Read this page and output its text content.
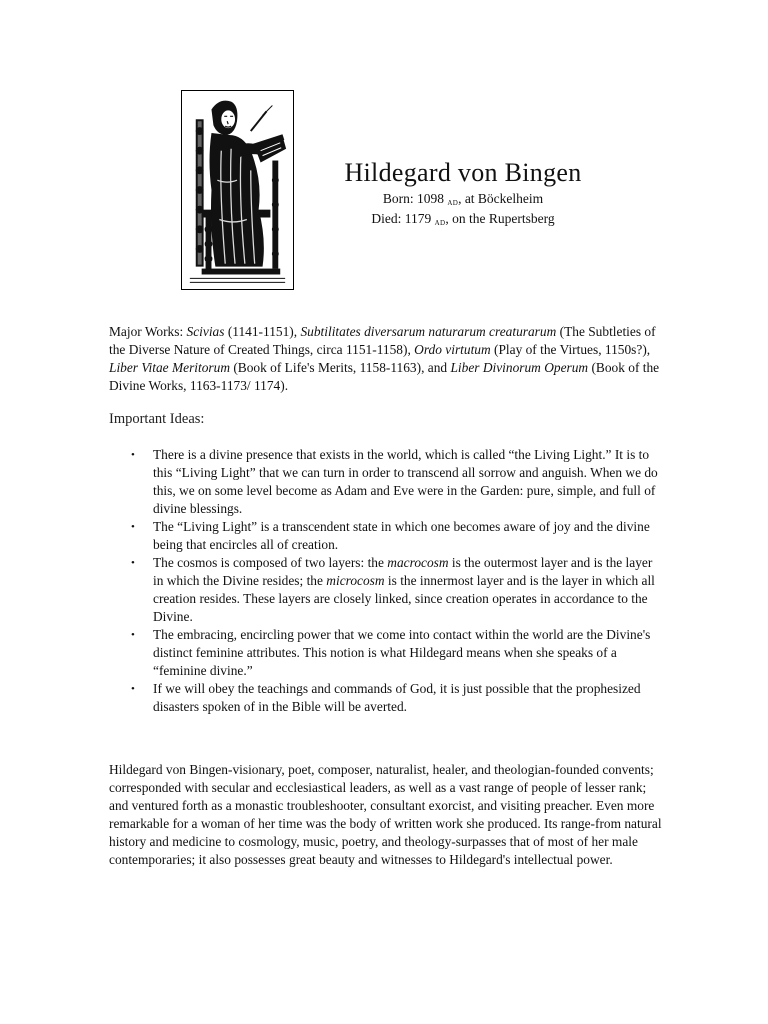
Hildegard von Bingen

Born: 1098 $_{AD}$, at Böckelheim

Died: 1179 $_{AD}$, on the Rupertsberg

Major Works: Scivias (1141-1151), Subtilitates diversarum naturarum creaturarum (The Subtleties of the Diverse Nature of Created Things, circa 1151-1158), Ordo virtutum (Play of the Virtues, 1150s?), Liber Vitae Meritorum (Book of Life's Merits, 1158-1163), and Liber Divinorum Operum (Book of the Divine Works, 1163-1173/ 1174).

Important Ideas:
• There is a divine presence that exists in the world, which is called “the Living Light.” It is to this “Living Light” that we can turn in order to transcend all sorrow and anguish. When we do this, we on some level become as Adam and Eve were in the Garden: pure, simple, and full of divine blessings.
• The “Living Light” is a transcendent state in which one becomes aware of joy and the divine being that encircles all of creation.
• The cosmos is composed of two layers: the macrocosm is the outermost layer and is the layer in which the Divine resides; the microcosm is the innermost layer and is the layer in which all creation resides. These layers are closely linked, since creation operates in accordance to the Divine.
• The embracing, encircling power that we come into contact within the world are the Divine's distinct feminine attributes. This notion is what Hildegard means when she speaks of a “feminine divine.”
• If we will obey the teachings and commands of God, it is just possible that the prophesized disasters spoken of in the Bible will be averted.

Hildegard von Bingen-visionary, poet, composer, naturalist, healer, and theologian-founded convents; corresponded with secular and ecclesiastical leaders, as well as a vast range of people of lesser rank; and ventured forth as a monastic troubleshooter, consultant exorcist, and visiting preacher. Even more remarkable for a woman of her time was the body of written work she produced. Its range-from natural history and medicine to cosmology, music, poetry, and theology-surpasses that of most of her male contemporaries; it also possesses great beauty and witnesses to Hildegard's intellectual power.
